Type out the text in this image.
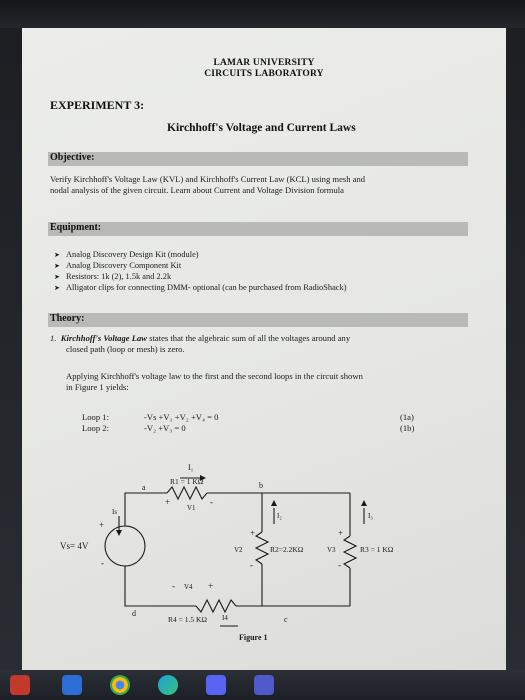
LAMAR UNIVERSITY
CIRCUITS LABORATORY
EXPERIMENT 3:
Kirchhoff's Voltage and Current Laws
Objective:
Verify Kirchhoff's Voltage Law (KVL) and Kirchhoff's Current Law (KCL) using mesh and
nodal analysis of the given circuit. Learn about Current and Voltage Division formula
Equipment:
➤ Analog Discovery Design Kit (module)
➤ Analog Discovery Component Kit
➤ Resistors: 1k (2), 1.5k and 2.2k
➤ Alligator clips for connecting DMM- optional (can be purchased from RadioShack)
Theory:
1. Kirchhoff's Voltage Law states that the algebraic sum of all the voltages around any
closed path (loop or mesh) is zero.
Applying Kirchhoff's voltage law to the first and the second loops in the circuit shown
in Figure 1 yields:
Loop 1:	-Vs +V₁ +V₂ +V₄ = 0	(1a)
Loop 2:	-V₂ +V₃ = 0	(1b)
I₁
Is	I₂	I₃
I4
a	b
c
d
R1 = 1 KΩ
R2=2.2KΩ	R3 = 1 KΩ
R4 = 1.5 KΩ
+
V1
-
+
V2
-
+
V3
-
- V4 +
+
Vs= 4V
-
Figure 1
